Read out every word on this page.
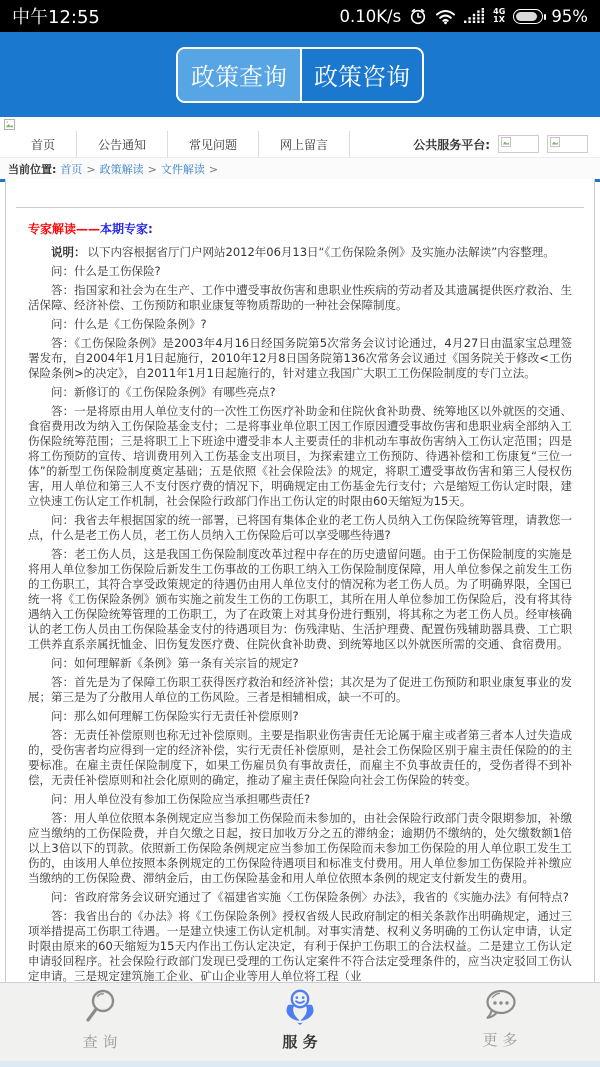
中午12:55	0.10K/s	4G
1X	95%
政策查询	政策咨询
首页	公告通知	常见问题	网上留言	公共服务平台:
当前位置: 首页 > 政策解读 > 文件解读 >

专家解读——本期专家:

说明： 以下内容根据省厅门户网站2012年06月13日“《工伤保险条例》及实施办法解读”内容整理。

问：什么是工伤保险?

答：指国家和社会为在生产、工作中遭受事故伤害和患职业性疾病的劳动者及其遗属提供医疗救治、生活保障、经济补偿、工伤预防和职业康复等物质帮助的一种社会保障制度。

问：什么是《工伤保险条例》?

答：《工伤保险条例》是2003年4月16日经国务院第5次常务会议讨论通过，4月27日由温家宝总理签署发布，自2004年1月1日起施行，2010年12月8日国务院第136次常务会议通过《国务院关于修改<工伤保险条例>的决定》，自2011年1月1日起施行的，针对建立我国广大职工工伤保险制度的专门立法。

问：新修订的《工伤保险条例》有哪些亮点?

答：一是将原由用人单位支付的一次性工伤医疗补助金和住院伙食补助费、统筹地区以外就医的交通、食宿费用改为纳入工伤保险基金支付；二是将事业单位职工因工作原因遭受事故伤害和患职业病全部纳入工伤保险统筹范围；三是将职工上下班途中遭受非本人主要责任的非机动车事故伤害纳入工伤认定范围；四是将工伤预防的宣传、培训费用列入工伤基金支出项目，为探索建立工伤预防、待遇补偿和工伤康复“三位一体”的新型工伤保险制度奠定基础；五是依照《社会保险法》的规定，将职工遭受事故伤害和第三人侵权伤害，用人单位和第三人不支付医疗费的情况下，明确规定由工伤基金先行支付；六是缩短工伤认定时限，建立快速工伤认定工作机制，社会保险行政部门作出工伤认定的时限由60天缩短为15天。

问：我省去年根据国家的统一部署，已将国有集体企业的老工伤人员纳入工伤保险统筹管理，请教您一点，什么是老工伤人员，老工伤人员纳入工伤保险后可以享受哪些待遇?

答：老工伤人员，这是我国工伤保险制度改革过程中存在的历史遗留问题。由于工伤保险制度的实施是将用人单位参加工伤保险后新发生工伤事故的工伤职工纳入工伤保险制度保障，用人单位参保之前发生工伤的工伤职工，其符合享受政策规定的待遇仍由用人单位支付的情况称为老工伤人员。为了明确界限，全国已统一将《工伤保险条例》颁布实施之前发生工伤的工伤职工，其所在用人单位参加工伤保险后，没有将其待遇纳入工伤保险统筹管理的工伤职工，为了在政策上对其身份进行甄别，将其称之为老工伤人员。经审核确认的老工伤人员由工伤保险基金支付的待遇项目为：伤残津贴、生活护理费、配置伤残辅助器具费、工亡职工供养直系亲属抚恤金、旧伤复发医疗费、住院伙食补助费、到统筹地区以外就医所需的交通、食宿费用。

问：如何理解新《条例》第一条有关宗旨的规定?

答：首先是为了保障工伤职工获得医疗救治和经济补偿；其次是为了促进工伤预防和职业康复事业的发展；第三是为了分散用人单位的工伤风险。三者是相辅相成，缺一不可的。

问：那么如何理解工伤保险实行无责任补偿原则?

答：无责任补偿原则也称无过补偿原则。主要是指职业伤害责任无论属于雇主或者第三者本人过失造成的，受伤害者均应得到一定的经济补偿，实行无责任补偿原则，是社会工伤保险区别于雇主责任保险的的主要标准。在雇主责任保险制度下，如果工伤雇员负有事故责任，而雇主不负事故责任的，受伤者得不到补偿，无责任补偿原则和社会化原则的确定，推动了雇主责任保险向社会工伤保险的转变。

问：用人单位没有参加工伤保险应当承担哪些责任?

答：用人单位依照本条例规定应当参加工伤保险而未参加的，由社会保险行政部门责令限期参加，补缴应当缴纳的工伤保险费，并自欠缴之日起，按日加收万分之五的滞纳金；逾期仍不缴纳的，处欠缴数额1倍以上3倍以下的罚款。依照新工伤保险条例规定应当参加工伤保险而未参加工伤保险的用人单位职工发生工伤的，由该用人单位按照本条例规定的工伤保险待遇项目和标准支付费用。用人单位参加工伤保险并补缴应当缴纳的工伤保险费、滞纳金后，由工伤保险基金和用人单位依照本条例的规定支付新发生的费用。

问：省政府常务会议研究通过了《福建省实施〈工伤保险条例〉办法》，我省的《实施办法》有何特点?

答：我省出台的《办法》将《工伤保险条例》授权省级人民政府制定的相关条款作出明确规定，通过三项举措提高工伤职工待遇。一是建立快速工伤认定机制。对事实清楚、权利义务明确的工伤认定申请，认定时限由原来的60天缩短为15天内作出工伤认定决定，有利于保护工伤职工的合法权益。二是建立工伤认定申请驳回程序。社会保险行政部门发现已受理的工伤认定案件不符合法定受理条件的，应当决定驳回工伤认定申请。三是规定建筑施工企业、矿山企业等用人单位将工程（业

查 询	服 务	更 多
